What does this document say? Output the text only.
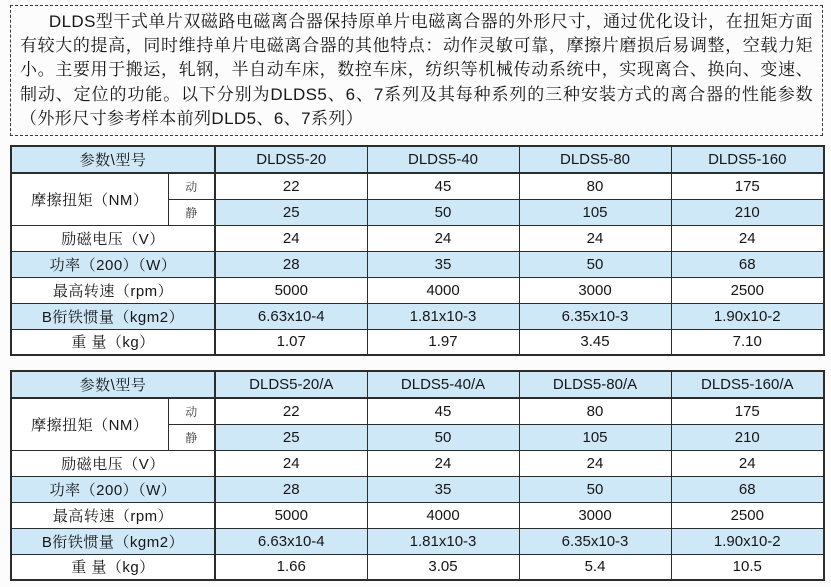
DLDS型干式单片双磁路电磁离合器保持原单片电磁离合器的外形尺寸，通过优化设计，在扭矩方面有较大的提高，同时维持单片电磁离合器的其他特点：动作灵敏可靠，摩擦片磨损后易调整，空载力矩小。主要用于搬运，轧钢，半自动车床，数控车床，纺织等机械传动系统中，实现离合、换向、变速、制动、定位的功能。以下分别为DLDS5、6、7系列及其每种系列的三种安装方式的离合器的性能参数（外形尺寸参考样本前列DLD5、6、7系列）

参数\型号		DLDS5-20	DLDS5-40	DLDS5-80	DLDS5-160
摩擦扭矩（NM）	动	22	45	80	175
	静	25	50	105	210
励磁电压（V）		24	24	24	24
功率（200）（W）		28	35	50	68
最高转速（rpm）		5000	4000	3000	2500
B衔铁惯量（kgm2）		6.63x10-4	1.81x10-3	6.35x10-3	1.90x10-2
重 量（kg）		1.07	1.97	3.45	7.10
参数\型号		DLDS5-20/A	DLDS5-40/A	DLDS5-80/A	DLDS5-160/A
摩擦扭矩（NM）	动	22	45	80	175
	静	25	50	105	210
励磁电压（V）		24	24	24	24
功率（200）（W）		28	35	50	68
最高转速（rpm）		5000	4000	3000	2500
B衔铁惯量（kgm2）		6.63x10-4	1.81x10-3	6.35x10-3	1.90x10-2
重 量（kg）		1.66	3.05	5.4	10.5
